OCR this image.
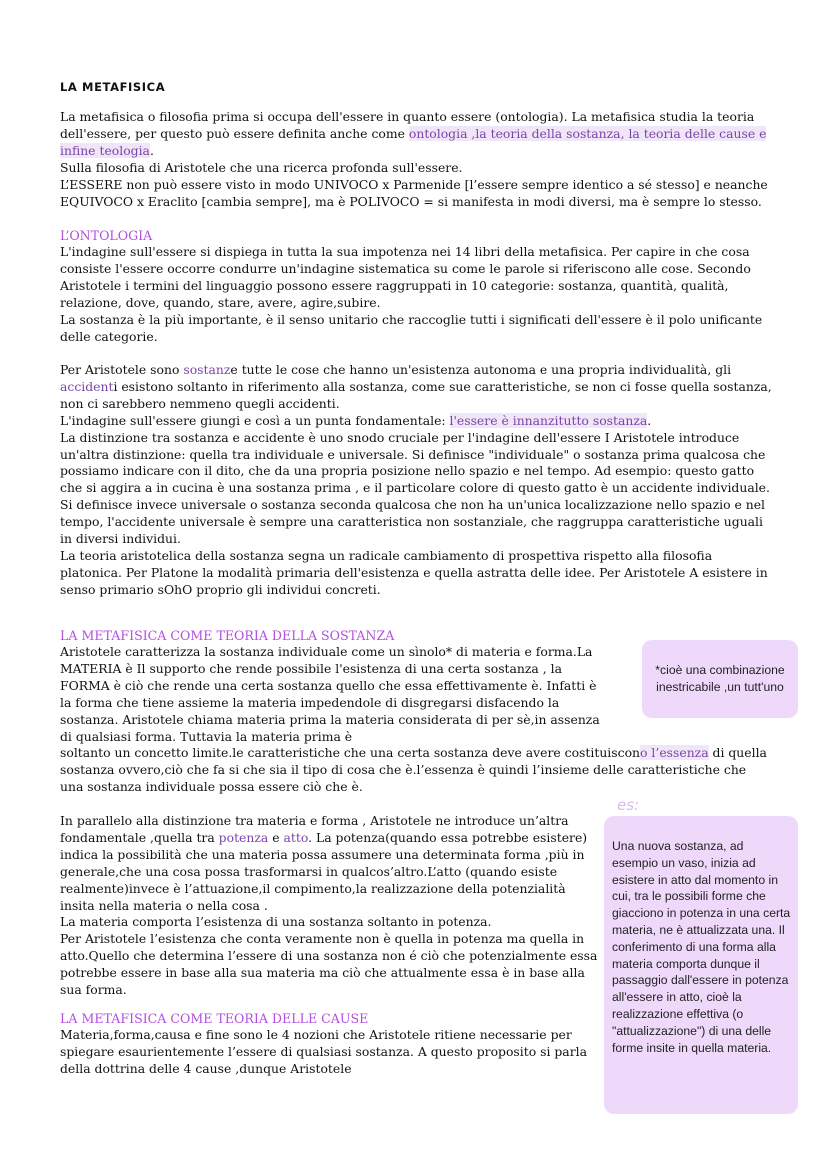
LA METAFISICA

La metafisica o filosofia prima si occupa dell'essere in quanto essere (ontologia). La metafisica studia la teoria dell'essere, per questo può essere definita anche come ontologia ,la teoria della sostanza, la teoria delle cause e infine teologia.
Sulla filosofia di Aristotele che una ricerca profonda sull'essere.
L’ESSERE non può essere visto in modo UNIVOCO x Parmenide [l’essere sempre identico a sé stesso] e neanche EQUIVOCO x Eraclito [cambia sempre], ma è POLIVOCO = si manifesta in modi diversi, ma è sempre lo stesso.

L’ONTOLOGIA

L'indagine sull'essere si dispiega in tutta la sua impotenza nei 14 libri della metafisica. Per capire in che cosa consiste l'essere occorre condurre un'indagine sistematica su come le parole si riferiscono alle cose. Secondo Aristotele i termini del linguaggio possono essere raggruppati in 10 categorie: sostanza, quantità, qualità, relazione, dove, quando, stare, avere, agire,subire.

La sostanza è la più importante, è il senso unitario che raccoglie tutti i significati dell'essere è il polo unificante delle categorie.

Per Aristotele sono sostanze tutte le cose che hanno un'esistenza autonoma e una propria individualità, gli accidenti esistono soltanto in riferimento alla sostanza, come sue caratteristiche, se non ci fosse quella sostanza, non ci sarebbero nemmeno quegli accidenti.
L'indagine sull'essere giungi e così a un punta fondamentale: l'essere è innanzitutto sostanza.
La distinzione tra sostanza e accidente è uno snodo cruciale per l'indagine dell'essere I Aristotele introduce un'altra distinzione: quella tra individuale e universale. Si definisce "individuale" o sostanza prima qualcosa che possiamo indicare con il dito, che da una propria posizione nello spazio e nel tempo. Ad esempio: questo gatto che si aggira a in cucina è una sostanza prima , e il particolare colore di questo gatto è un accidente individuale.
Si definisce invece universale o sostanza seconda qualcosa che non ha un'unica localizzazione nello spazio e nel tempo, l'accidente universale è sempre una caratteristica non sostanziale, che raggruppa caratteristiche uguali in diversi individui.
La teoria aristotelica della sostanza segna un radicale cambiamento di prospettiva rispetto alla filosofia platonica. Per Platone la modalità primaria dell'esistenza e quella astratta delle idee. Per Aristotele A esistere in senso primario sOhO proprio gli individui concreti.

LA METAFISICA COME TEORIA DELLA SOSTANZA

Aristotele caratterizza la sostanza individuale come un sìnolo* di materia e forma.La MATERIA è Il supporto che rende possibile l'esistenza di una certa sostanza , la FORMA è ciò che rende una certa sostanza quello che essa effettivamente è. Infatti è la forma che tiene assieme la materia impedendole di disgregarsi disfacendo la sostanza. Aristotele chiama materia prima la materia considerata di per sè,in assenza di qualsiasi forma. Tuttavia la materia prima è

soltanto un concetto limite.le caratteristiche che una certa sostanza deve avere costituiscono l’essenza di quella sostanza ovvero,ciò che fa si che sia il tipo di cosa che è.l’essenza è quindi l’insieme delle caratteristiche che una sostanza individuale possa essere ciò che è.

*cioè una combinazione inestricabile ,un tutt'uno

In parallelo alla distinzione tra materia e forma , Aristotele ne introduce un’altra fondamentale ,quella tra potenza e atto. La potenza(quando essa potrebbe esistere) indica la possibilità che una materia possa assumere una determinata forma ,più in generale,che una cosa possa trasformarsi in qualcos’altro.L’atto (quando esiste realmente)invece è l’attuazione,il compimento,la realizzazione della potenzialità insita nella materia o nella cosa .
La materia comporta l’esistenza di una sostanza soltanto in potenza.
Per Aristotele l’esistenza che conta veramente non è quella in potenza ma quella in atto.Quello che determina l’essere di una sostanza non é ciò che potenzialmente essa potrebbe essere in base alla sua materia ma ciò che attualmente essa è in base alla sua forma.

LA METAFISICA COME TEORIA DELLE CAUSE

Materia,forma,causa e fine sono le 4 nozioni che Aristotele ritiene necessarie per spiegare esaurientemente l’essere di qualsiasi sostanza. A questo proposito si parla della dottrina delle 4 cause ,dunque Aristotele

es:
Una nuova sostanza, ad esempio un vaso, inizia ad esistere in atto dal momento in cui, tra le possibili forme che giacciono in potenza in una certa materia, ne è attualizzata una. Il conferimento di una forma alla materia comporta dunque il passaggio dall'essere in potenza all'essere in atto, cioè la realizzazione effettiva (o "attualizzazione") di una delle forme insite in quella materia.
